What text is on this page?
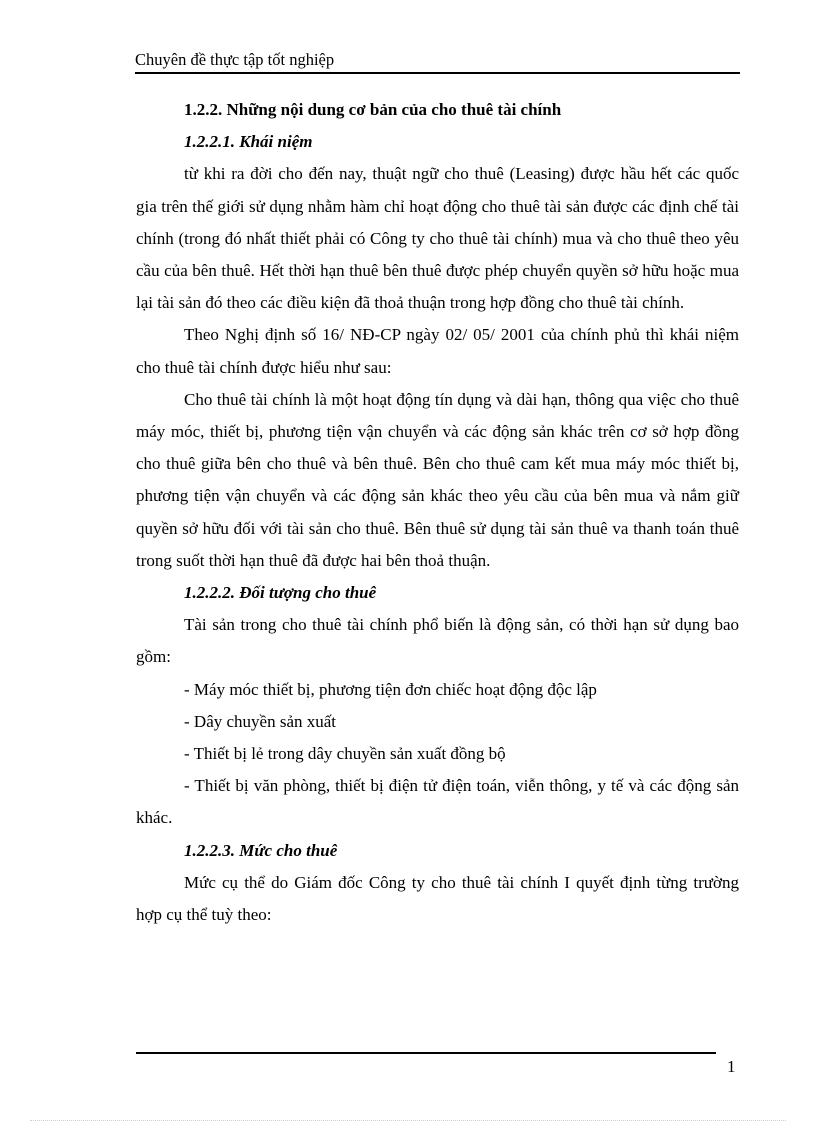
Chuyên đề thực tập tốt nghiệp

1.2.2. Những nội dung cơ bản của cho thuê tài chính

1.2.2.1. Khái niệm

từ khi ra đời cho đến nay, thuật ngữ cho thuê (Leasing) được hầu hết các quốc gia trên thế giới sử dụng nhằm hàm chỉ hoạt động cho thuê tài sản được các định chế tài chính (trong đó nhất thiết phải có Công ty cho thuê tài chính) mua và cho thuê theo yêu cầu của bên thuê. Hết thời hạn thuê bên thuê được phép chuyển quyền sở hữu hoặc mua lại tài sản đó theo các điều kiện đã thoả thuận trong hợp đồng cho thuê tài chính.

Theo Nghị định số 16/ NĐ-CP ngày 02/ 05/ 2001 của chính phủ thì khái niệm cho thuê tài chính được hiểu như sau:

Cho thuê tài chính là một hoạt động tín dụng và dài hạn, thông qua việc cho thuê máy móc, thiết bị, phương tiện vận chuyển và các động sản khác trên cơ sở hợp đồng cho thuê giữa bên cho thuê và bên thuê. Bên cho thuê cam kết mua máy móc thiết bị, phương tiện vận chuyển và các động sản khác theo yêu cầu của bên mua và nắm giữ quyền sở hữu đối với tài sản cho thuê. Bên thuê sử dụng tài sản thuê va thanh toán thuê trong suốt thời hạn thuê đã được hai bên thoả thuận.

1.2.2.2. Đối tượng cho thuê

Tài sản trong cho thuê tài chính phổ biến là động sản, có thời hạn sử dụng bao gồm:

- Máy móc thiết bị, phương tiện đơn chiếc hoạt động độc lập

- Dây chuyền sản xuất

- Thiết bị lẻ trong dây chuyền sản xuất đồng bộ

- Thiết bị văn phòng, thiết bị điện tử điện toán, viễn thông, y tế và các động sản khác.

1.2.2.3. Mức cho thuê

Mức cụ thể do Giám đốc Công ty cho thuê tài chính I quyết định từng trường hợp cụ thể tuỳ theo:

1
